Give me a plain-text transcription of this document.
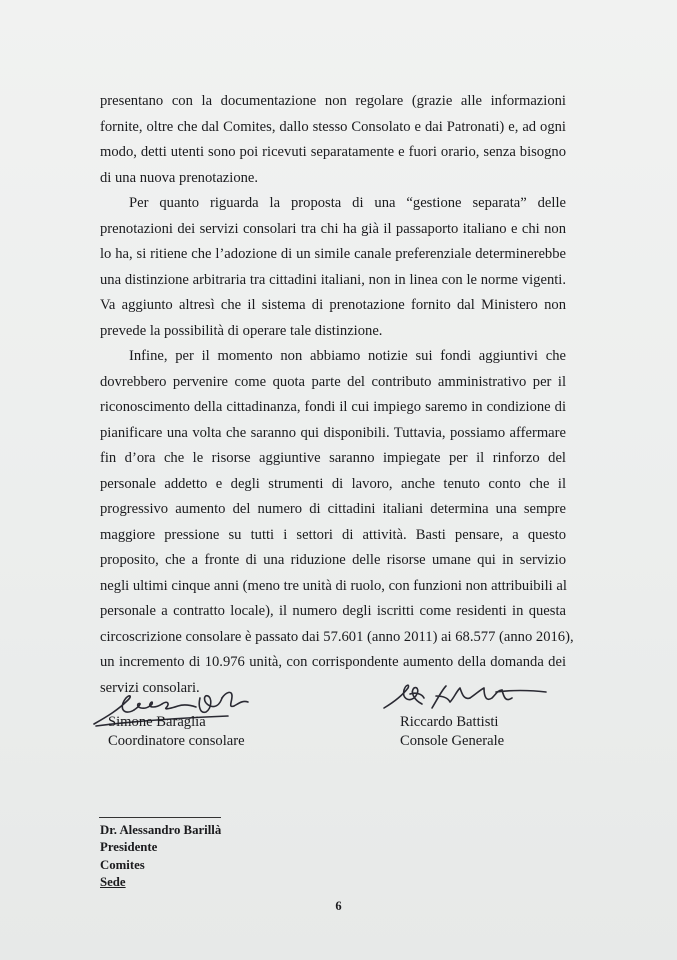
presentano con la documentazione non regolare (grazie alle informazioni
fornite, oltre che dal Comites, dallo stesso Consolato e dai Patronati) e, ad ogni
modo, detti utenti sono poi ricevuti separatamente e fuori orario, senza bisogno
di una nuova prenotazione.

Per quanto riguarda la proposta di una “gestione separata” delle
prenotazioni dei servizi consolari tra chi ha già il passaporto italiano e chi non
lo ha, si ritiene che l’adozione di un simile canale preferenziale determinerebbe
una distinzione arbitraria tra cittadini italiani, non in linea con le norme vigenti.
Va aggiunto altresì che il sistema di prenotazione fornito dal Ministero non
prevede la possibilità di operare tale distinzione.

Infine, per il momento non abbiamo notizie sui fondi aggiuntivi che
dovrebbero pervenire come quota parte del contributo amministrativo per il
riconoscimento della cittadinanza, fondi il cui impiego saremo in condizione di
pianificare una volta che saranno qui disponibili. Tuttavia, possiamo affermare
fin d’ora che le risorse aggiuntive saranno impiegate per il rinforzo del
personale addetto e degli strumenti di lavoro, anche tenuto conto che il
progressivo aumento del numero di cittadini italiani determina una sempre
maggiore pressione su tutti i settori di attività. Basti pensare, a questo
proposito, che a fronte di una riduzione delle risorse umane qui in servizio
negli ultimi cinque anni (meno tre unità di ruolo, con funzioni non attribuibili al
personale a contratto locale), il numero degli iscritti come residenti in questa
circoscrizione consolare è passato dai 57.601 (anno 2011) ai 68.577 (anno 2016),
un incremento di 10.976 unità, con corrispondente aumento della domanda dei
servizi consolari.

Simone Baraglia
Coordinatore consolare
Riccardo Battisti
Console Generale
Dr. Alessandro Barillà
Presidente
Comites
Sede
6
